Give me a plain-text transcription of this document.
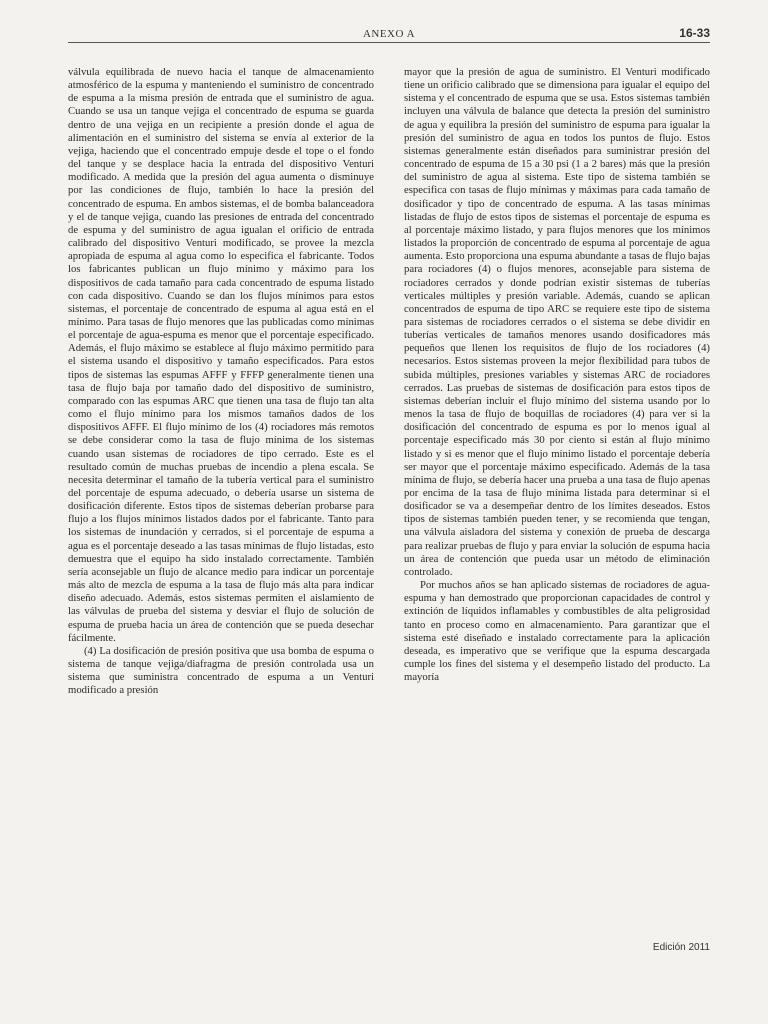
ANEXO A	16-33

válvula equilibrada de nuevo hacia el tanque de almacenamiento atmosférico de la espuma y manteniendo el suministro de concentrado de espuma a la misma presión de entrada que el suministro de agua. Cuando se usa un tanque vejiga el concentrado de espuma se guarda dentro de una vejiga en un recipiente a presión donde el agua de alimentación en el suministro del sistema se envía al exterior de la vejiga, haciendo que el concentrado empuje desde el tope o el fondo del tanque y se desplace hacia la entrada del dispositivo Venturi modificado. A medida que la presión del agua aumenta o disminuye por las condiciones de flujo, también lo hace la presión del concentrado de espuma. En ambos sistemas, el de bomba balanceadora y el de tanque vejiga, cuando las presiones de entrada del concentrado de espuma y del suministro de agua igualan el orificio de entrada calibrado del dispositivo Venturi modificado, se provee la mezcla apropiada de espuma al agua como lo especifica el fabricante. Todos los fabricantes publican un flujo mínimo y máximo para los dispositivos de cada tamaño para cada concentrado de espuma listado con cada dispositivo. Cuando se dan los flujos mínimos para estos sistemas, el porcentaje de concentrado de espuma al agua está en el mínimo. Para tasas de flujo menores que las publicadas como mínimas el porcentaje de agua-espuma es menor que el porcentaje especificado. Además, el flujo máximo se establece al flujo máximo permitido para el sistema usando el dispositivo y tamaño especificados. Para estos tipos de sistemas las espumas AFFF y FFFP generalmente tienen una tasa de flujo baja por tamaño dado del dispositivo de suministro, comparado con las espumas ARC que tienen una tasa de flujo tan alta como el flujo mínimo para los mismos tamaños dados de los dispositivos AFFF. El flujo mínimo de los (4) rociadores más remotos se debe considerar como la tasa de flujo mínima de los sistemas cuando usan sistemas de rociadores de tipo cerrado. Este es el resultado común de muchas pruebas de incendio a plena escala. Se necesita determinar el tamaño de la tubería vertical para el suministro del porcentaje de espuma adecuado, o debería usarse un sistema de dosificación diferente. Estos tipos de sistemas deberían probarse para flujo a los flujos mínimos listados dados por el fabricante. Tanto para los sistemas de inundación y cerrados, si el porcentaje de espuma a agua es el porcentaje deseado a las tasas mínimas de flujo listadas, esto demuestra que el equipo ha sido instalado correctamente. También sería aconsejable un flujo de alcance medio para indicar un porcentaje más alto de mezcla de espuma a la tasa de flujo más alta para indicar diseño adecuado. Además, estos sistemas permiten el aislamiento de las válvulas de prueba del sistema y desviar el flujo de solución de espuma de prueba hacia un área de contención que se pueda desechar fácilmente.

(4) La dosificación de presión positiva que usa bomba de espuma o sistema de tanque vejiga/diafragma de presión controlada usa un sistema que suministra concentrado de espuma a un Venturi modificado a presión

mayor que la presión de agua de suministro. El Venturi modificado tiene un orificio calibrado que se dimensiona para igualar el equipo del sistema y el concentrado de espuma que se usa. Estos sistemas también incluyen una válvula de balance que detecta la presión del suministro de agua y equilibra la presión del suministro de espuma para igualar la presión del suministro de agua en todos los puntos de flujo. Estos sistemas generalmente están diseñados para suministrar presión del concentrado de espuma de 15 a 30 psi (1 a 2 bares) más que la presión del suministro de agua al sistema. Este tipo de sistema también se especifica con tasas de flujo mínimas y máximas para cada tamaño de dosificador y tipo de concentrado de espuma. A las tasas mínimas listadas de flujo de estos tipos de sistemas el porcentaje de espuma es al porcentaje máximo listado, y para flujos menores que los mínimos listados la proporción de concentrado de espuma al porcentaje de agua aumenta. Esto proporciona una espuma abundante a tasas de flujo bajas para rociadores (4) o flujos menores, aconsejable para sistema de rociadores cerrados y donde podrían existir sistemas de tuberías verticales múltiples y presión variable. Además, cuando se aplican concentrados de espuma de tipo ARC se requiere este tipo de sistema para sistemas de rociadores cerrados o el sistema se debe dividir en tuberías verticales de tamaños menores usando dosificadores más pequeños que llenen los requisitos de flujo de los rociadores (4) necesarios. Estos sistemas proveen la mejor flexibilidad para tubos de subida múltiples, presiones variables y sistemas ARC de rociadores cerrados. Las pruebas de sistemas de dosificación para estos tipos de sistemas deberían incluir el flujo mínimo del sistema usando por lo menos la tasa de flujo de boquillas de rociadores (4) para ver si la dosificación del concentrado de espuma es por lo menos igual al porcentaje especificado más 30 por ciento si están al flujo mínimo listado y si es menor que el flujo mínimo listado el porcentaje debería ser mayor que el porcentaje máximo especificado. Además de la tasa mínima de flujo, se debería hacer una prueba a una tasa de flujo apenas por encima de la tasa de flujo mínima listada para determinar si el dosificador se va a desempeñar dentro de los límites deseados. Estos tipos de sistemas también pueden tener, y se recomienda que tengan, una válvula aisladora del sistema y conexión de prueba de descarga para realizar pruebas de flujo y para enviar la solución de espuma hacia un área de contención que pueda usar un método de eliminación controlado.

Por muchos años se han aplicado sistemas de rociadores de agua-espuma y han demostrado que proporcionan capacidades de control y extinción de líquidos inflamables y combustibles de alta peligrosidad tanto en proceso como en almacenamiento. Para garantizar que el sistema esté diseñado e instalado correctamente para la aplicación deseada, es imperativo que se verifique que la espuma descargada cumple los fines del sistema y el desempeño listado del producto. La mayoría

Edición 2011
